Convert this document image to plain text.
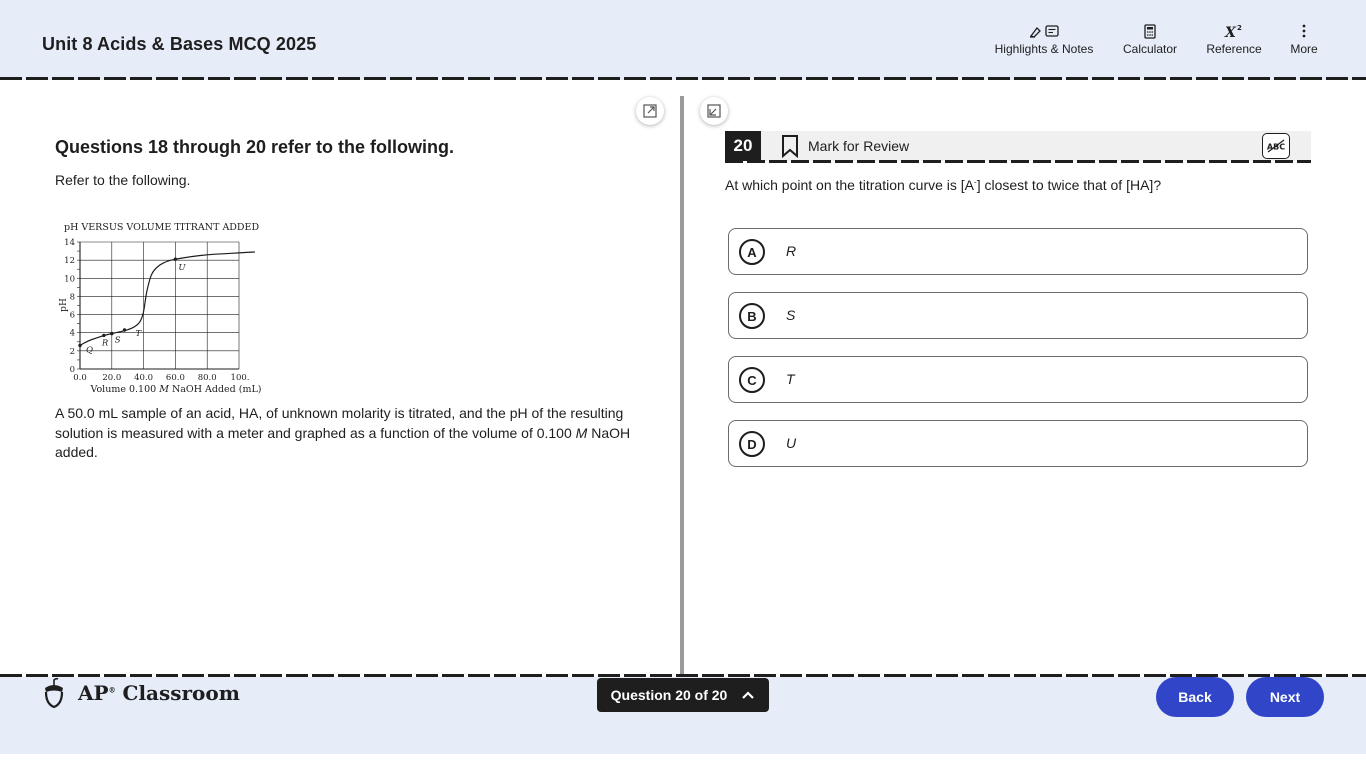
Unit 8 Acids & Bases MCQ 2025	Highlights & Notes Calculator
X 2
Reference	More
Questions 18 through 20 refer to the following.
Refer to the following.
pH VERSUS VOLUME TITRANT ADDED
0
2
4
6
8
10
12
14
0.0 20.0 40.0 60.0 80.0 100.
pH
Volume 0.100 M NaOH Added (mL)
Q
R S
T
U
A 50.0 mL sample of an acid, HA, of unknown molarity is titrated, and the pH of the resulting solution is measured with a meter and graphed as a function of the volume of 0.100 M NaOH added.
20	Mark for Review	ABC
At which point on the titration curve is [A-] closest to twice that of [HA]?
A	R
B	S
C	T
D	U
AP® Classroom	Question 20 of 20	Back	Next
